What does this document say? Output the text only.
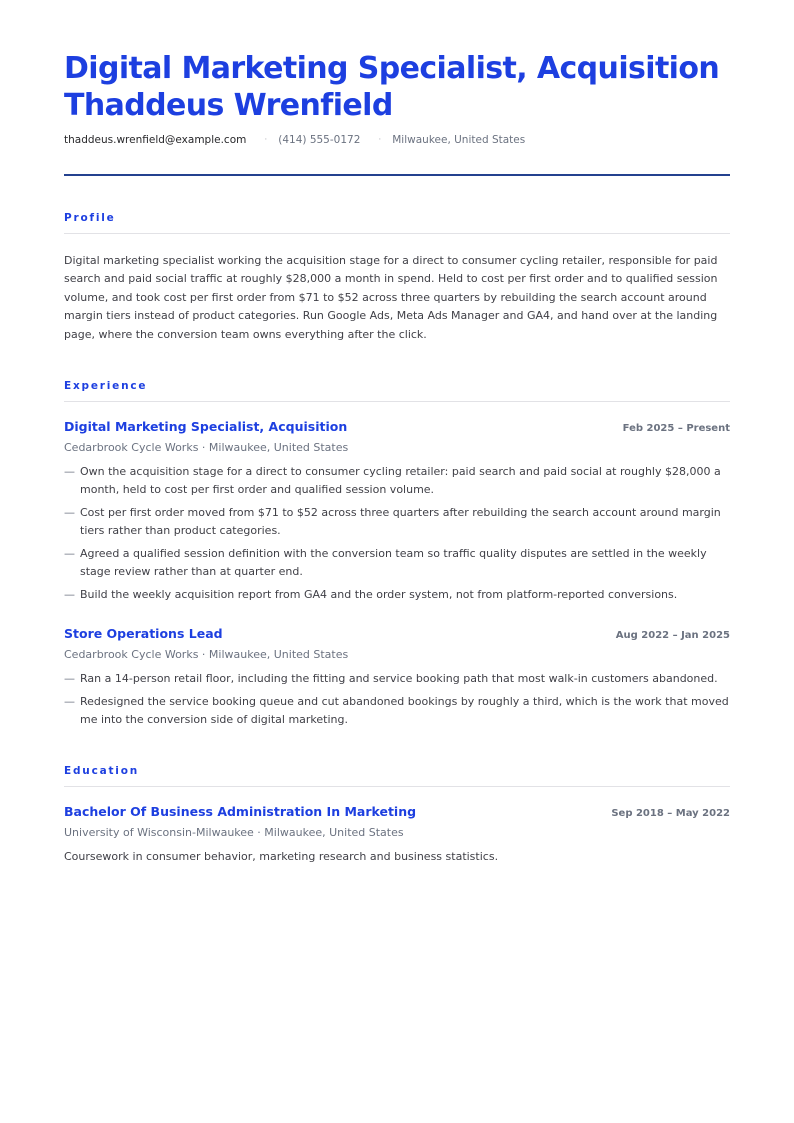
Digital Marketing Specialist, Acquisition
Thaddeus Wrenfield
thaddeus.wrenfield@example.com · (414) 555-0172 · Milwaukee, United States
Profile

Digital marketing specialist working the acquisition stage for a direct to consumer cycling retailer, responsible for paid search and paid social traffic at roughly $28,000 a month in spend. Held to cost per first order and to qualified session volume, and took cost per first order from $71 to $52 across three quarters by rebuilding the search account around margin tiers instead of product categories. Run Google Ads, Meta Ads Manager and GA4, and hand over at the landing page, where the conversion team owns everything after the click.

Experience
Digital Marketing Specialist, Acquisition	Feb 2025 – Present
Cedarbrook Cycle Works · Milwaukee, United States
— Own the acquisition stage for a direct to consumer cycling retailer: paid search and paid social at roughly $28,000 a month, held to cost per first order and qualified session volume.
— Cost per first order moved from $71 to $52 across three quarters after rebuilding the search account around margin tiers rather than product categories.
— Agreed a qualified session definition with the conversion team so traffic quality disputes are settled in the weekly stage review rather than at quarter end.
— Build the weekly acquisition report from GA4 and the order system, not from platform-reported conversions.
Store Operations Lead	Aug 2022 – Jan 2025
Cedarbrook Cycle Works · Milwaukee, United States
— Ran a 14-person retail floor, including the fitting and service booking path that most walk-in customers abandoned.
— Redesigned the service booking queue and cut abandoned bookings by roughly a third, which is the work that moved me into the conversion side of digital marketing.
Education
Bachelor Of Business Administration In Marketing	Sep 2018 – May 2022
University of Wisconsin-Milwaukee · Milwaukee, United States

Coursework in consumer behavior, marketing research and business statistics.
